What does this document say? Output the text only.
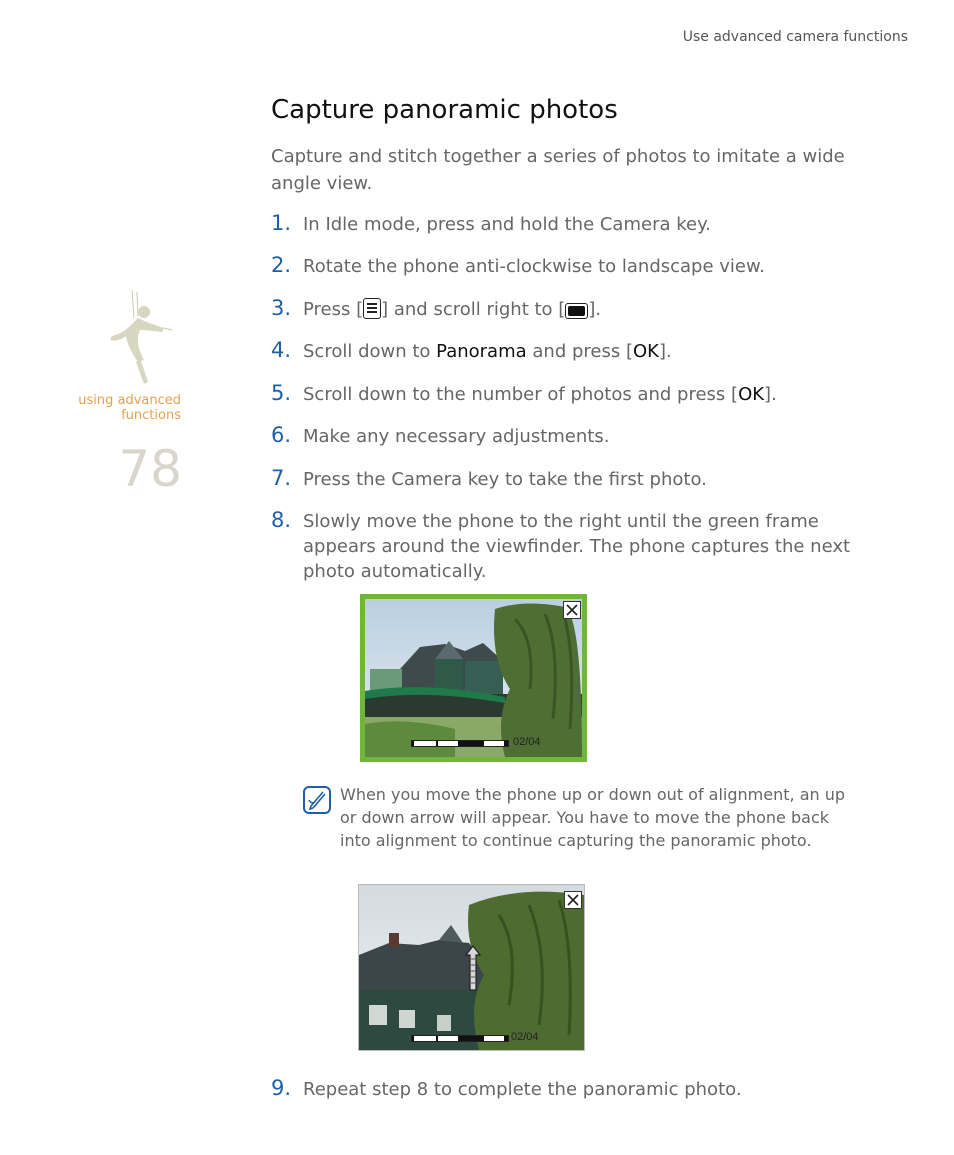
Use advanced camera functions
using advanced functions
78
Capture panoramic photos
Capture and stitch together a series of photos to imitate a wide angle view.
1. In Idle mode, press and hold the Camera key.
2. Rotate the phone anti-clockwise to landscape view.
3. Press [ ] and scroll right to [ ].
4. Scroll down to Panorama and press [OK].
5. Scroll down to the number of photos and press [OK].
6. Make any necessary adjustments.
7. Press the Camera key to take the first photo.
8. Slowly move the phone to the right until the green frame appears around the viewfinder. The phone captures the next photo automatically.
02/04
When you move the phone up or down out of alignment, an up or down arrow will appear. You have to move the phone back into alignment to continue capturing the panoramic photo.
02/04
9. Repeat step 8 to complete the panoramic photo.
